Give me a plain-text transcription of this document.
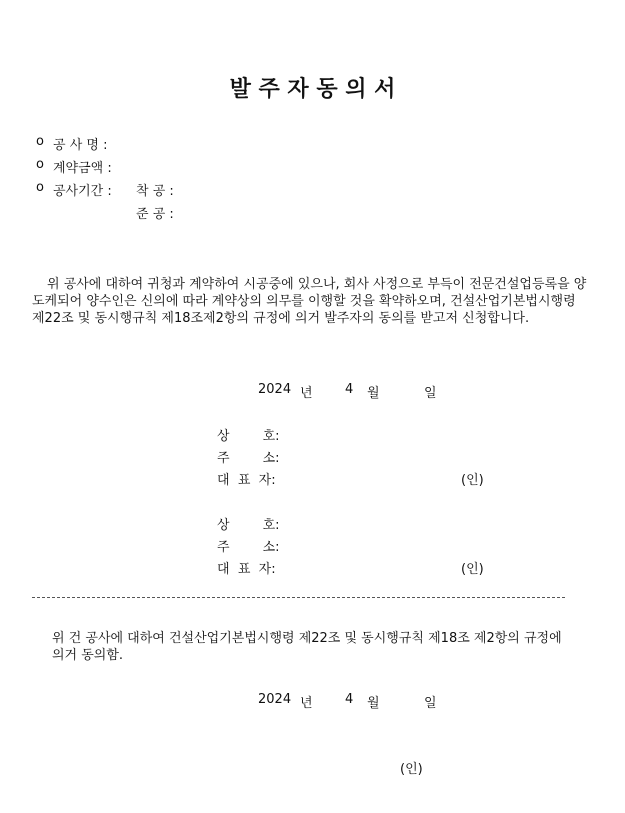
발 주 자 동 의 서
o 공 사 명 :
o 계약금액 :
o 공사기간 : 착 공 :
준 공 :
위 공사에 대하여 귀청과 계약하여 시공중에 있으나, 회사 사정으로 부득이 전문건설업등록을 양도케되어 양수인은 신의에 따라 계약상의 의무를 이행할 것을 확약하오며, 건설산업기본법시행령 제22조 및 동시행규칙 제18조제2항의 규정에 의거 발주자의 동의를 받고저 신청합니다.
2024 년 4 월	일
상        호:
주        소:
대  표  자:	(인)
상        호:
주        소:
대  표  자:	(인)
위 건 공사에 대하여 건설산업기본법시행령 제22조 및 동시행규칙 제18조 제2항의 규정에 의거 동의함.
2024 년 4 월	일
(인)
